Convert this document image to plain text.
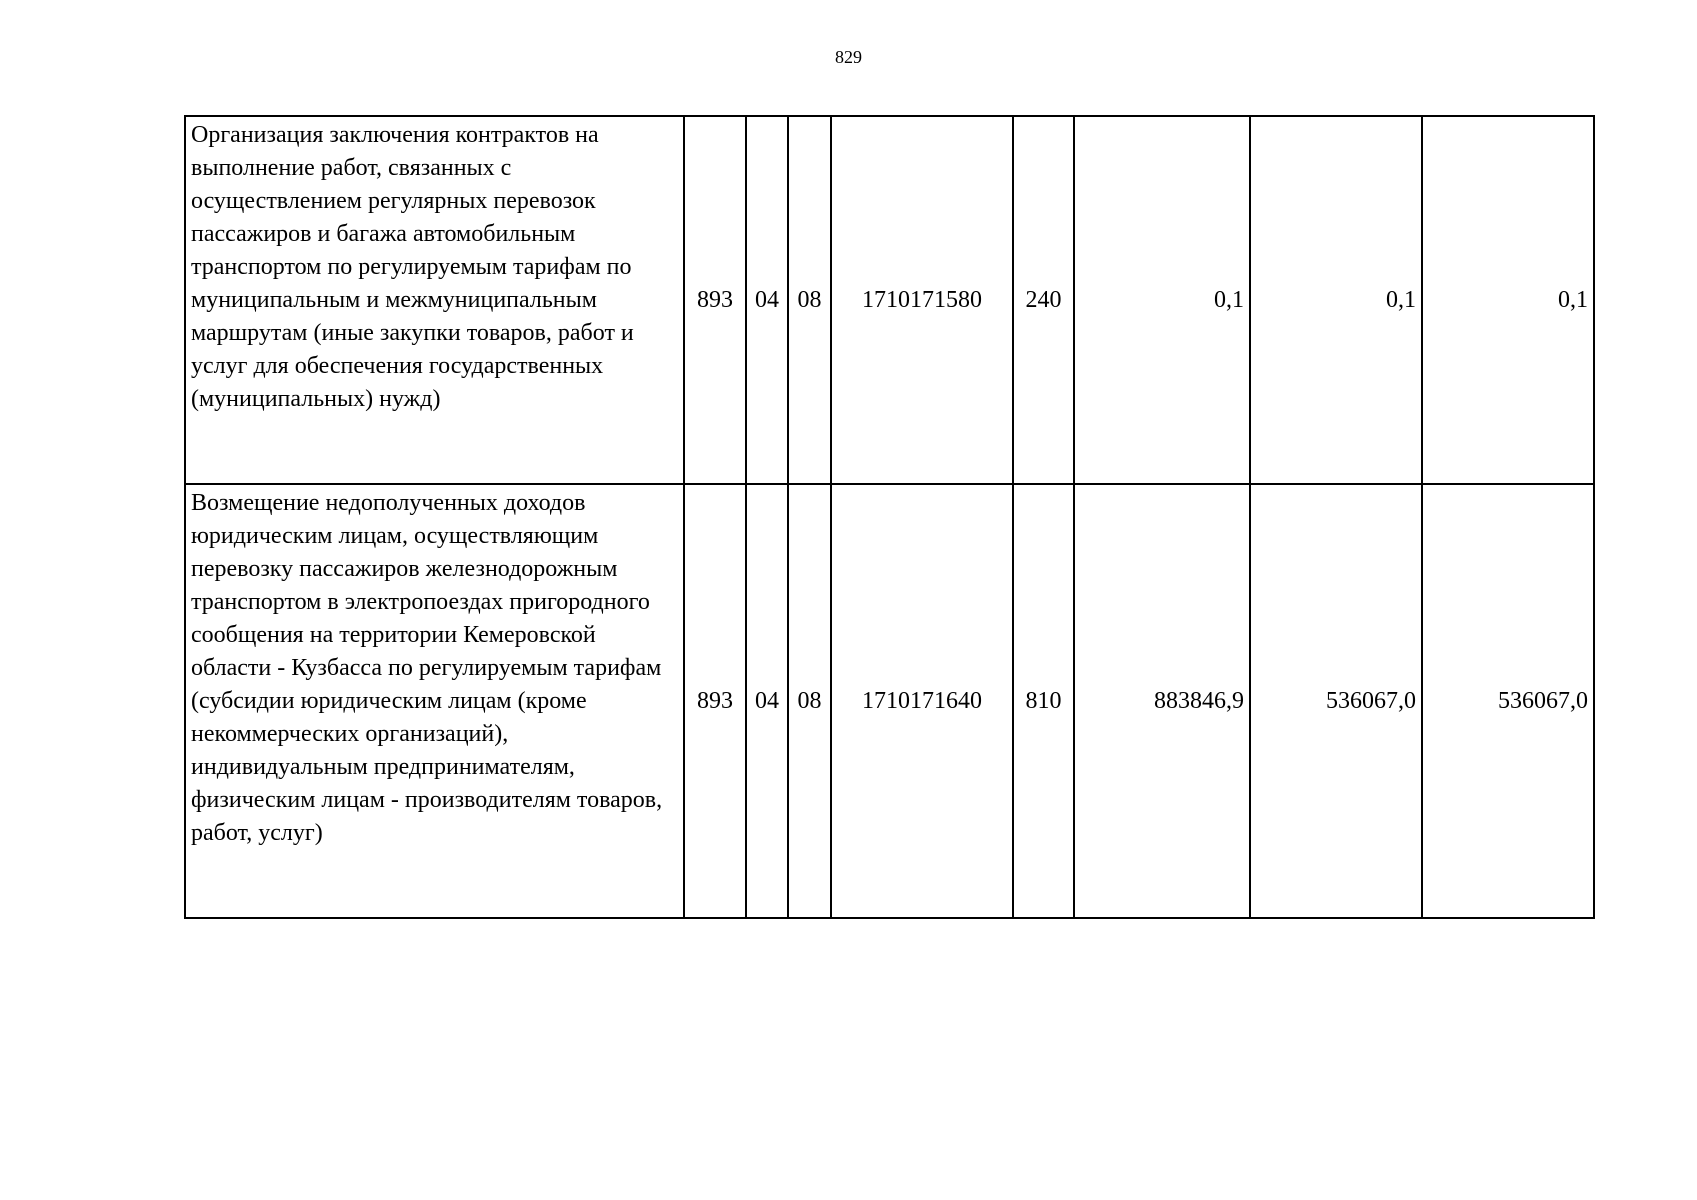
829
Организация заключения контрактов на выполнение работ, связанных с осуществлением регулярных перевозок пассажиров и багажа автомобильным транспортом по регулируемым тарифам по муниципальным и межмуниципальным маршрутам (иные закупки товаров, работ и услуг для обеспечения государственных (муниципальных) нужд)	893	04	08	1710171580	240	0,1	0,1	0,1
Возмещение недополученных доходов юридическим лицам, осуществляющим перевозку пассажиров железнодорожным транспортом в электропоездах пригородного сообщения на территории Кемеровской области - Кузбасса по регулируемым тарифам (субсидии юридическим лицам (кроме некоммерческих организаций), индивидуальным предпринимателям, физическим лицам - производителям товаров, работ, услуг)	893	04	08	1710171640	810	883846,9	536067,0	536067,0
